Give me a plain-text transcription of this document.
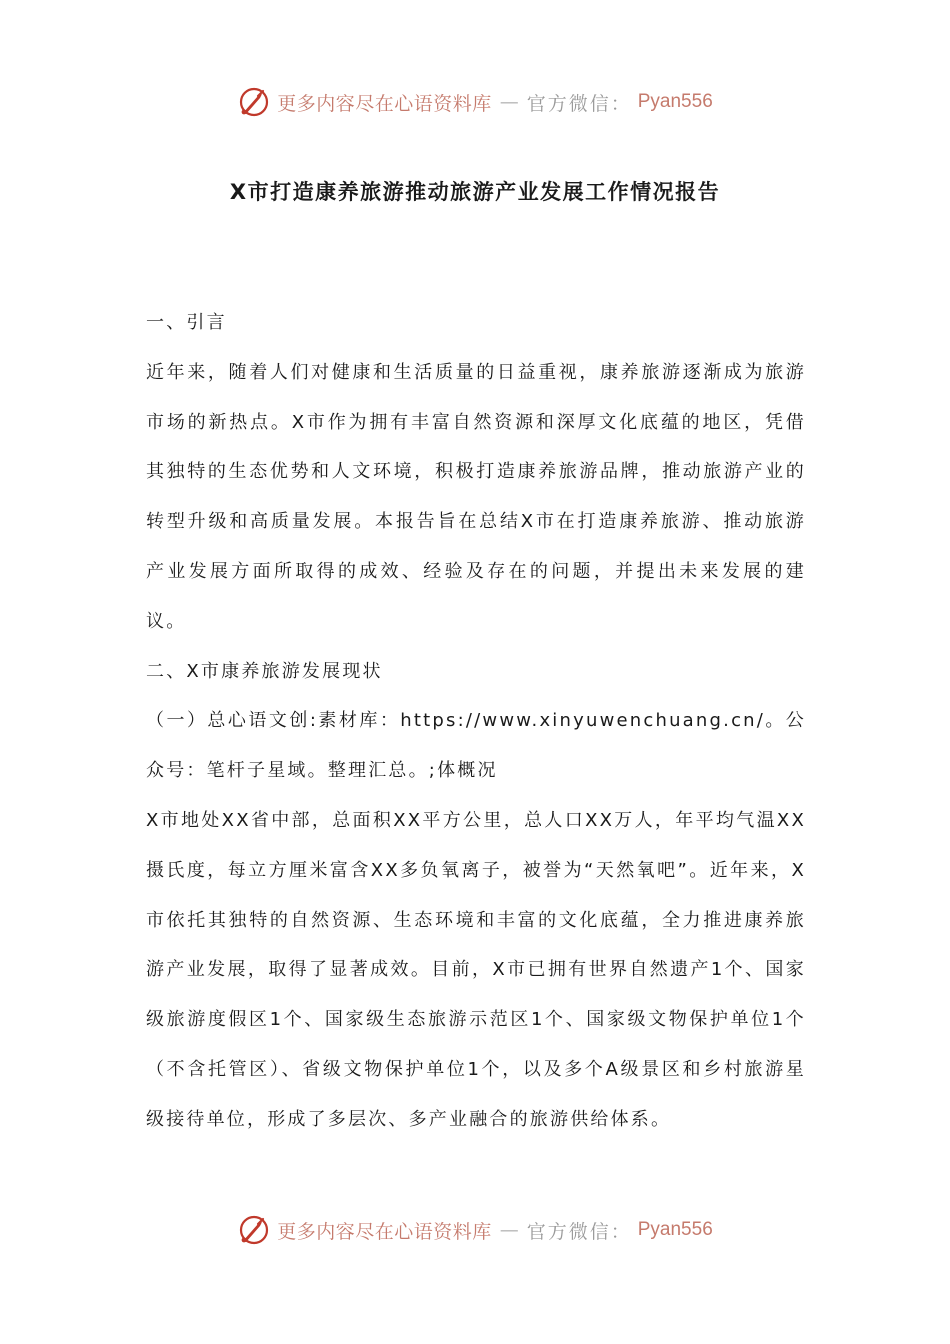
更多内容尽在心语资料库 — 官方微信： Pyan556
X市打造康养旅游推动旅游产业发展工作情况报告

一、引言

近年来，随着人们对健康和生活质量的日益重视，康养旅游逐渐成为旅游市场的新热点。X市作为拥有丰富自然资源和深厚文化底蕴的地区，凭借其独特的生态优势和人文环境，积极打造康养旅游品牌，推动旅游产业的转型升级和高质量发展。本报告旨在总结X市在打造康养旅游、推动旅游产业发展方面所取得的成效、经验及存在的问题，并提出未来发展的建议。

二、X市康养旅游发展现状

（一）总心语文创:素材库：https://www.xinyuwenchuang.cn/。公众号：笔杆子星域。整理汇总。;体概况

X市地处XX省中部，总面积XX平方公里，总人口XX万人，年平均气温XX摄氏度，每立方厘米富含XX多负氧离子，被誉为“天然氧吧”。近年来，X市依托其独特的自然资源、生态环境和丰富的文化底蕴，全力推进康养旅游产业发展，取得了显著成效。目前，X市已拥有世界自然遗产1个、国家级旅游度假区1个、国家级生态旅游示范区1个、国家级文物保护单位1个（不含托管区）、省级文物保护单位1个，以及多个A级景区和乡村旅游星级接待单位，形成了多层次、多产业融合的旅游供给体系。

更多内容尽在心语资料库 — 官方微信： Pyan556
